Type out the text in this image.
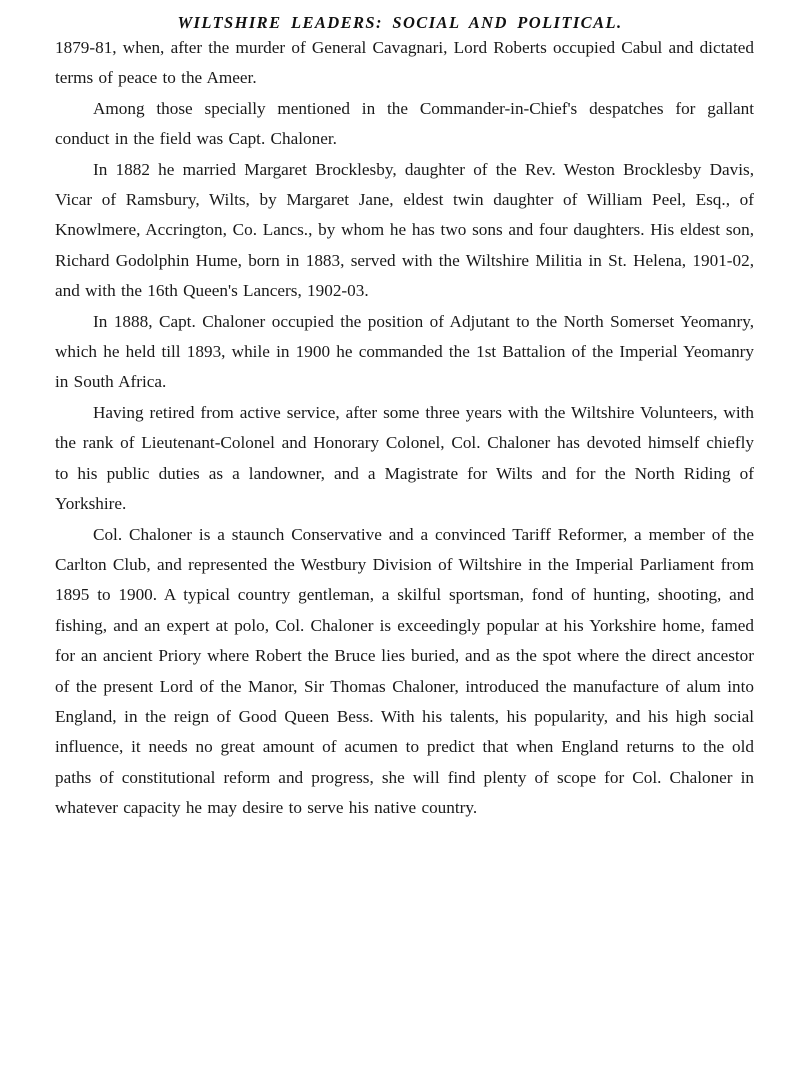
WILTSHIRE LEADERS: SOCIAL AND POLITICAL.

1879-81, when, after the murder of General Cavagnari, Lord Roberts occupied Cabul and dictated terms of peace to the Ameer.

Among those specially mentioned in the Commander-in-Chief's despatches for gallant conduct in the field was Capt. Chaloner.

In 1882 he married Margaret Brocklesby, daughter of the Rev. Weston Brocklesby Davis, Vicar of Ramsbury, Wilts, by Margaret Jane, eldest twin daughter of William Peel, Esq., of Knowlmere, Accrington, Co. Lancs., by whom he has two sons and four daughters. His eldest son, Richard Godolphin Hume, born in 1883, served with the Wiltshire Militia in St. Helena, 1901-02, and with the 16th Queen's Lancers, 1902-03.

In 1888, Capt. Chaloner occupied the position of Adjutant to the North Somerset Yeomanry, which he held till 1893, while in 1900 he commanded the 1st Battalion of the Imperial Yeomanry in South Africa.

Having retired from active service, after some three years with the Wiltshire Volunteers, with the rank of Lieutenant-Colonel and Honorary Colonel, Col. Chaloner has devoted himself chiefly to his public duties as a landowner, and a Magistrate for Wilts and for the North Riding of Yorkshire.

Col. Chaloner is a staunch Conservative and a convinced Tariff Reformer, a member of the Carlton Club, and represented the Westbury Division of Wiltshire in the Imperial Parliament from 1895 to 1900. A typical country gentleman, a skilful sportsman, fond of hunting, shooting, and fishing, and an expert at polo, Col. Chaloner is exceedingly popular at his Yorkshire home, famed for an ancient Priory where Robert the Bruce lies buried, and as the spot where the direct ancestor of the present Lord of the Manor, Sir Thomas Chaloner, introduced the manufacture of alum into England, in the reign of Good Queen Bess. With his talents, his popularity, and his high social influence, it needs no great amount of acumen to predict that when England returns to the old paths of constitutional reform and progress, she will find plenty of scope for Col. Chaloner in whatever capacity he may desire to serve his native country.
